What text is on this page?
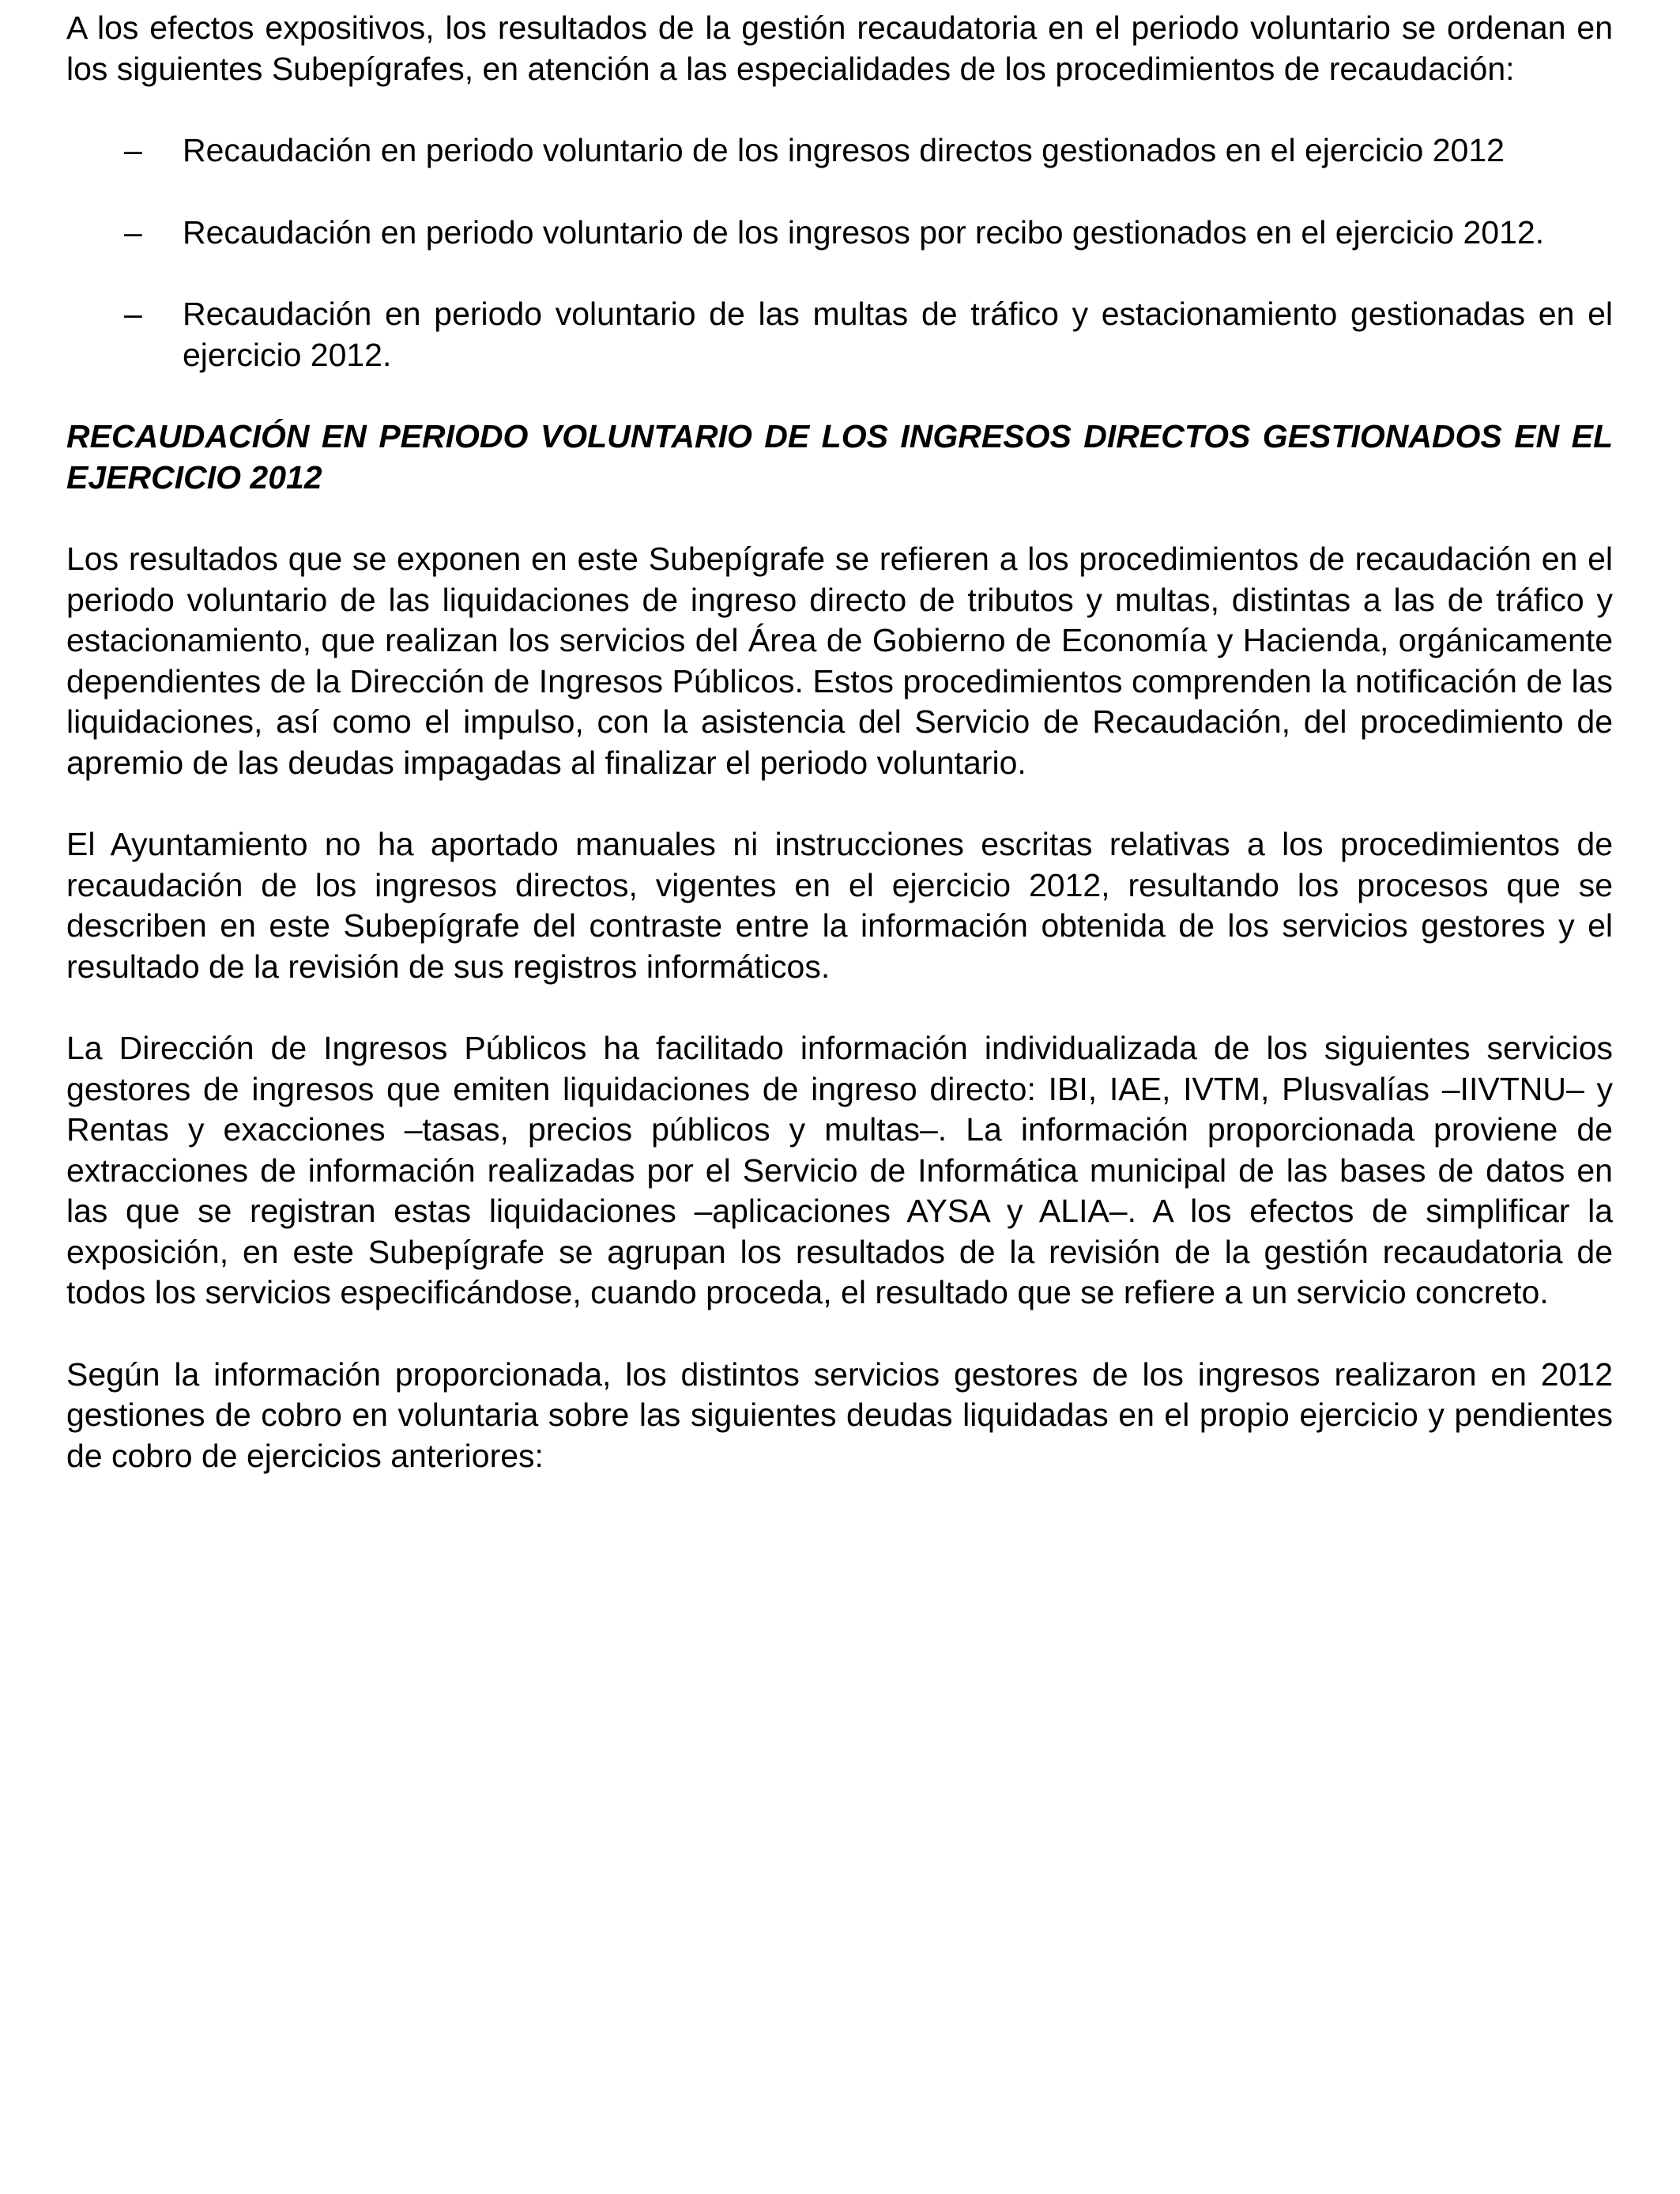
A los efectos expositivos, los resultados de la gestión recaudatoria en el periodo voluntario se ordenan en los siguientes Subepígrafes, en atención a las especialidades de los procedimientos de recaudación:

– Recaudación en periodo voluntario de los ingresos directos gestionados en el ejercicio 2012
– Recaudación en periodo voluntario de los ingresos por recibo gestionados en el ejercicio 2012.
– Recaudación en periodo voluntario de las multas de tráfico y estacionamiento gestionadas en el ejercicio 2012.

RECAUDACIÓN EN PERIODO VOLUNTARIO DE LOS INGRESOS DIRECTOS GESTIONADOS EN EL EJERCICIO 2012

Los resultados que se exponen en este Subepígrafe se refieren a los procedimientos de recaudación en el periodo voluntario de las liquidaciones de ingreso directo de tributos y multas, distintas a las de tráfico y estacionamiento, que realizan los servicios del Área de Gobierno de Economía y Hacienda, orgánicamente dependientes de la Dirección de Ingresos Públicos. Estos procedimientos comprenden la notificación de las liquidaciones, así como el impulso, con la asistencia del Servicio de Recaudación, del procedimiento de apremio de las deudas impagadas al finalizar el periodo voluntario.

El Ayuntamiento no ha aportado manuales ni instrucciones escritas relativas a los procedimientos de recaudación de los ingresos directos, vigentes en el ejercicio 2012, resultando los procesos que se describen en este Subepígrafe del contraste entre la información obtenida de los servicios gestores y el resultado de la revisión de sus registros informáticos.

La Dirección de Ingresos Públicos ha facilitado información individualizada de los siguientes servicios gestores de ingresos que emiten liquidaciones de ingreso directo: IBI, IAE, IVTM, Plusvalías –IIVTNU– y Rentas y exacciones –tasas, precios públicos y multas–. La información proporcionada proviene de extracciones de información realizadas por el Servicio de Informática municipal de las bases de datos en las que se registran estas liquidaciones –aplicaciones AYSA y ALIA–. A los efectos de simplificar la exposición, en este Subepígrafe se agrupan los resultados de la revisión de la gestión recaudatoria de todos los servicios especificándose, cuando proceda, el resultado que se refiere a un servicio concreto.

Según la información proporcionada, los distintos servicios gestores de los ingresos realizaron en 2012 gestiones de cobro en voluntaria sobre las siguientes deudas liquidadas en el propio ejercicio y pendientes de cobro de ejercicios anteriores:
